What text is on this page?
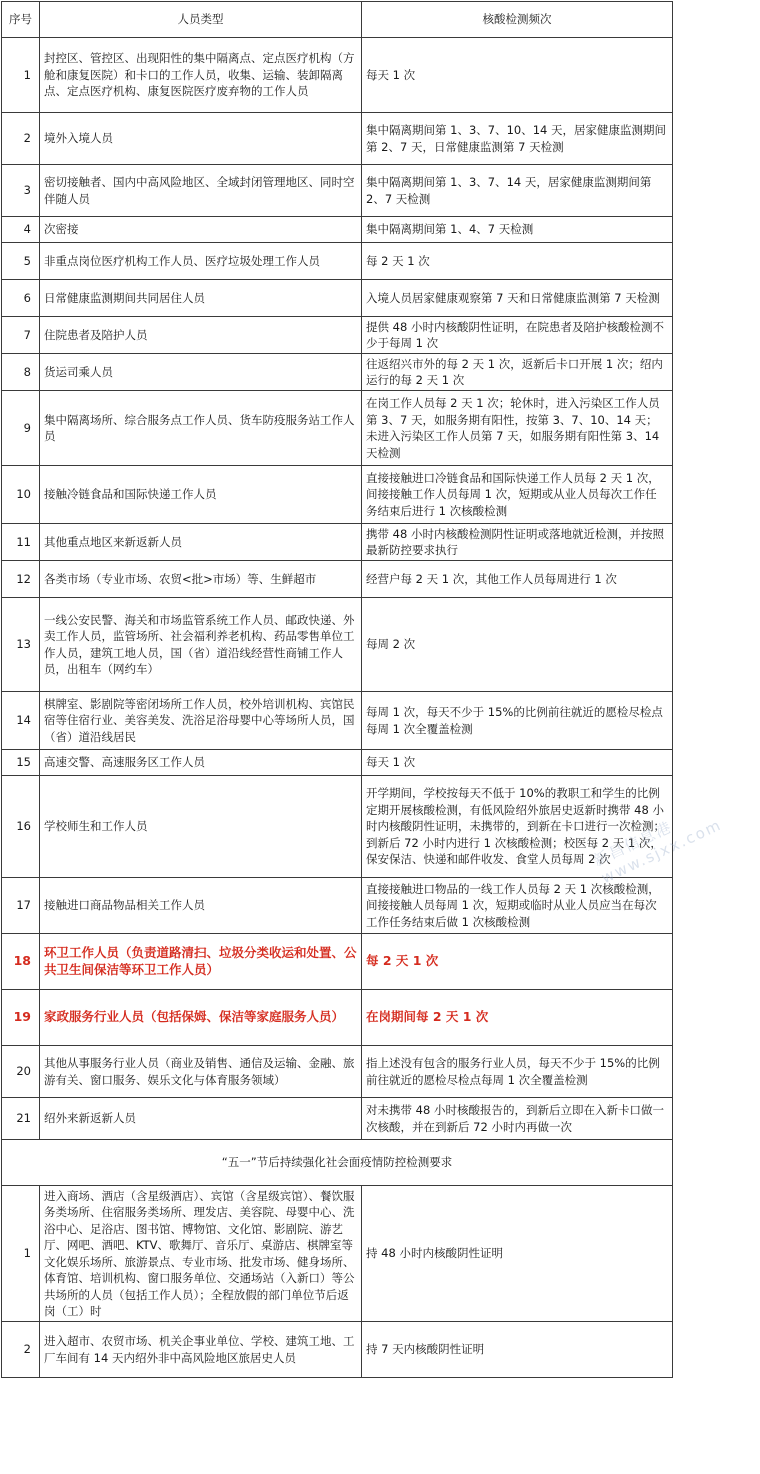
序号	人员类型	核酸检测频次
1	封控区、管控区、出现阳性的集中隔离点、定点医疗机构（方舱和康复医院）和卡口的工作人员，收集、运输、装卸隔离点、定点医疗机构、康复医院医疗废弃物的工作人员	每天 1 次
2	境外入境人员	集中隔离期间第 1、3、7、10、14 天，居家健康监测期间第 2、7 天，日常健康监测第 7 天检测
3	密切接触者、国内中高风险地区、全域封闭管理地区、同时空伴随人员	集中隔离期间第 1、3、7、14 天，居家健康监测期间第 2、7 天检测
4	次密接	集中隔离期间第 1、4、7 天检测
5	非重点岗位医疗机构工作人员、医疗垃圾处理工作人员	每 2 天 1 次
6	日常健康监测期间共同居住人员	入境人员居家健康观察第 7 天和日常健康监测第 7 天检测
7	住院患者及陪护人员	提供 48 小时内核酸阴性证明，在院患者及陪护核酸检测不少于每周 1 次
8	货运司乘人员	往返绍兴市外的每 2 天 1 次，返新后卡口开展 1 次；绍内运行的每 2 天 1 次
9	集中隔离场所、综合服务点工作人员、货车防疫服务站工作人员	在岗工作人员每 2 天 1 次；轮休时，进入污染区工作人员第 3、7 天，如服务期有阳性，按第 3、7、10、14 天；未进入污染区工作人员第 7 天，如服务期有阳性第 3、14 天检测
10	接触冷链食品和国际快递工作人员	直接接触进口冷链食品和国际快递工作人员每 2 天 1 次，间接接触工作人员每周 1 次，短期或从业人员每次工作任务结束后进行 1 次核酸检测
11	其他重点地区来新返新人员	携带 48 小时内核酸检测阴性证明或落地就近检测，并按照最新防控要求执行
12	各类市场（专业市场、农贸<批>市场）等、生鲜超市	经营户每 2 天 1 次，其他工作人员每周进行 1 次
13	一线公安民警、海关和市场监管系统工作人员、邮政快递、外卖工作人员，监管场所、社会福利养老机构、药品零售单位工作人员，建筑工地人员，国（省）道沿线经营性商铺工作人员，出租车（网约车）	每周 2 次
14	棋牌室、影剧院等密闭场所工作人员，校外培训机构、宾馆民宿等住宿行业、美容美发、洗浴足浴母婴中心等场所人员，国（省）道沿线居民	每周 1 次，每天不少于 15%的比例前往就近的愿检尽检点每周 1 次全覆盖检测
15	高速交警、高速服务区工作人员	每天 1 次
16	学校师生和工作人员	开学期间，学校按每天不低于 10%的教职工和学生的比例定期开展核酸检测，有低风险绍外旅居史返新时携带 48 小时内核酸阴性证明，未携带的，到新在卡口进行一次检测；到新后 72 小时内进行 1 次核酸检测；校医每 2 天 1 次，保安保洁、快递和邮件收发、食堂人员每周 2 次
17	接触进口商品物品相关工作人员	直接接触进口物品的一线工作人员每 2 天 1 次核酸检测，间接接触人员每周 1 次，短期或临时从业人员应当在每次工作任务结束后做 1 次核酸检测
18	环卫工作人员（负责道路清扫、垃圾分类收运和处置、公共卫生间保洁等环卫工作人员）	每 2 天 1 次
19	家政服务行业人员（包括保姆、保洁等家庭服务人员）	在岗期间每 2 天 1 次
20	其他从事服务行业人员（商业及销售、通信及运输、金融、旅游有关、窗口服务、娱乐文化与体育服务领域）	指上述没有包含的服务行业人员，每天不少于 15%的比例前往就近的愿检尽检点每周 1 次全覆盖检测
21	绍外来新返新人员	对未携带 48 小时核酸报告的，到新后立即在入新卡口做一次核酸，并在到新后 72 小时内再做一次
“五一”节后持续强化社会面疫情防控检测要求		
1	进入商场、酒店（含星级酒店）、宾馆（含星级宾馆）、餐饮服务类场所、住宿服务类场所、理发店、美容院、母婴中心、洗浴中心、足浴店、图书馆、博物馆、文化馆、影剧院、游艺厅、网吧、酒吧、KTV、歌舞厅、音乐厅、桌游店、棋牌室等文化娱乐场所、旅游景点、专业市场、批发市场、健身场所、体育馆、培训机构、窗口服务单位、交通场站（入新口）等公共场所的人员（包括工作人员）；全程放假的部门单位节后返岗（工）时	持 48 小时内核酸阴性证明
2	进入超市、农贸市场、机关企事业单位、学校、建筑工地、工厂车间有 14 天内绍外非中高风险地区旅居史人员	持 7 天内核酸阴性证明
新昌信息港 www.sjxx.com
